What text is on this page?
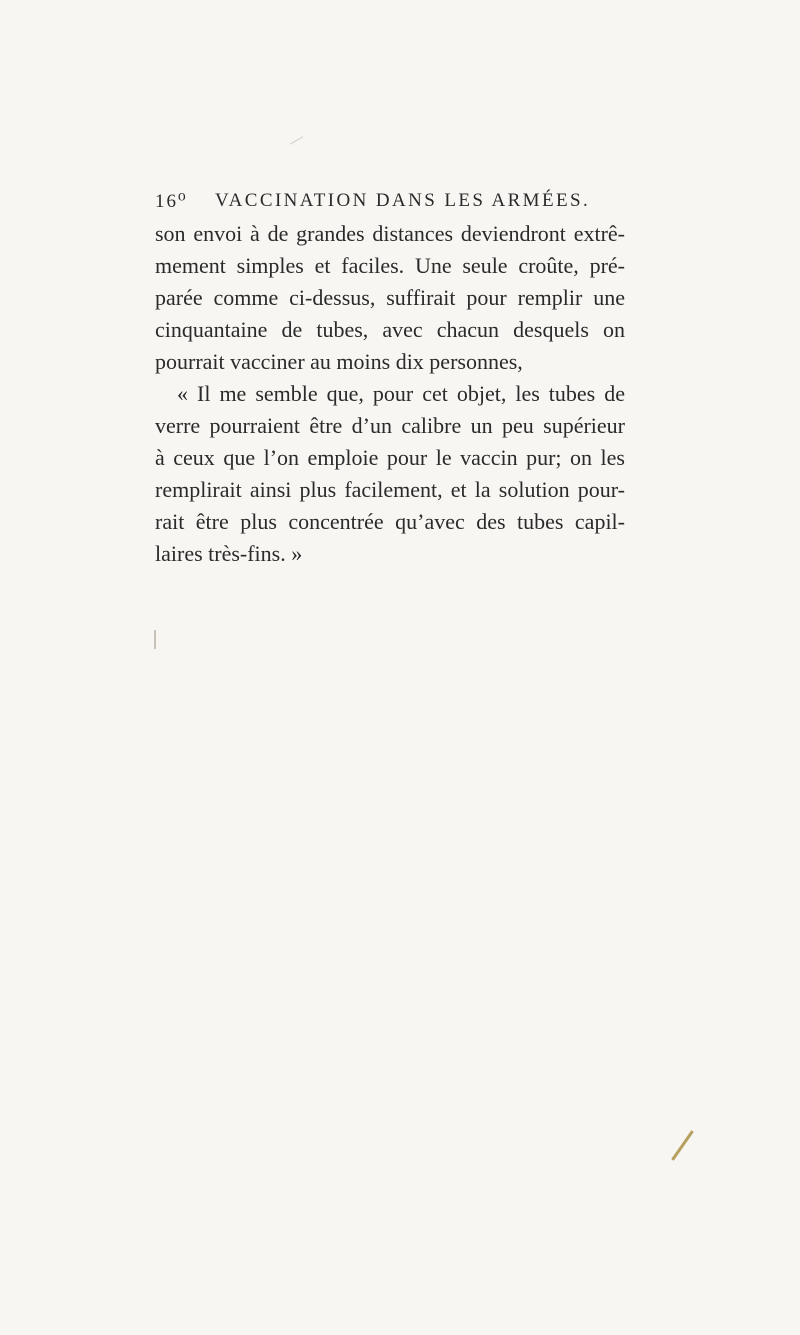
16⁰ VACCINATION DANS LES ARMÉES.
son envoi à de grandes distances deviendront extrê-
mement simples et faciles. Une seule croûte, pré-
parée comme ci-dessus, suffirait pour remplir une
cinquantaine de tubes, avec chacun desquels on
pourrait vacciner au moins dix personnes,
« Il me semble que, pour cet objet, les tubes de
verre pourraient être d’un calibre un peu supérieur
à ceux que l’on emploie pour le vaccin pur; on les
remplirait ainsi plus facilement, et la solution pour-
rait être plus concentrée qu’avec des tubes capil-
laires très-fins. »
